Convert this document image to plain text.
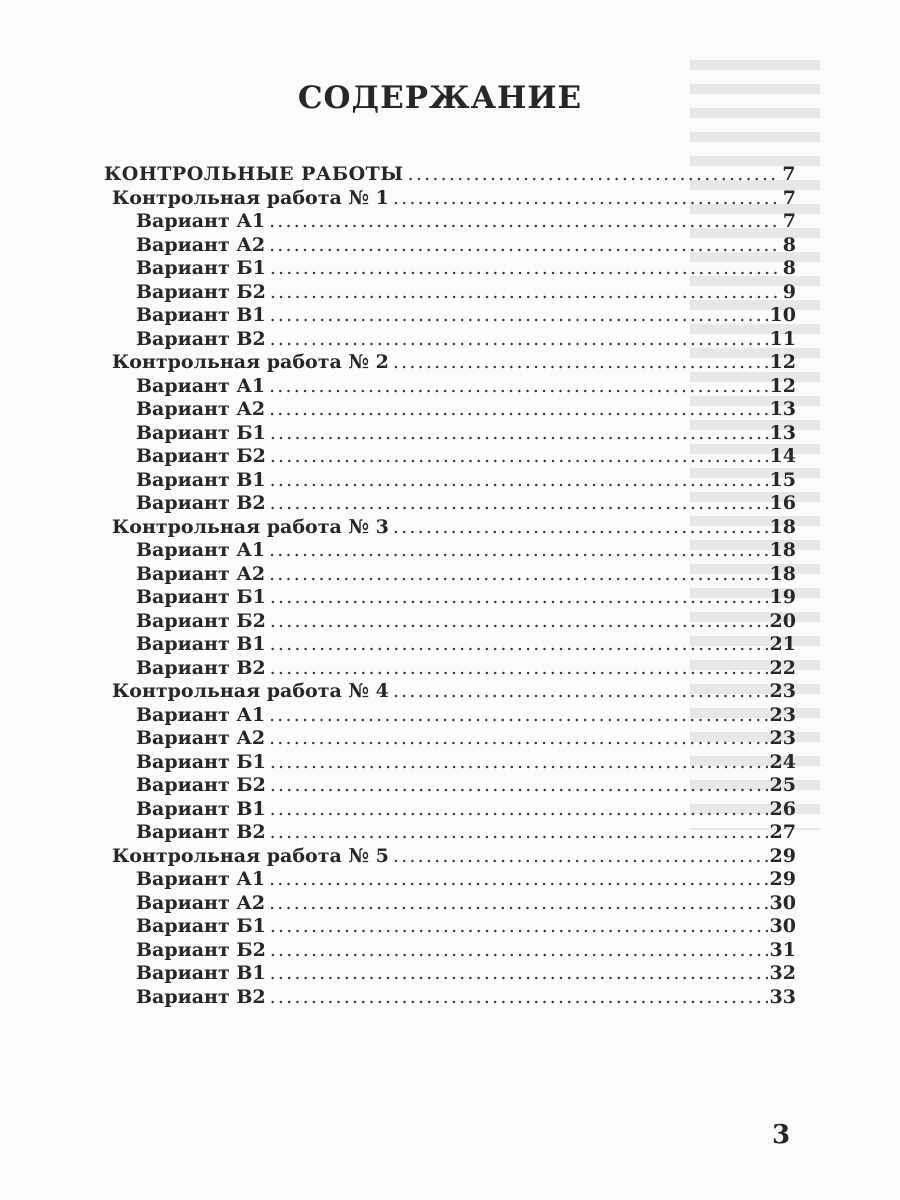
СОДЕРЖАНИЕ
КОНТРОЛЬНЫЕ РАБОТЫ .....	7
Контрольная работа № 1 .....	7
Вариант А1 .....	7
Вариант А2 .....	8
Вариант Б1 .....	8
Вариант Б2 .....	9
Вариант В1 .....	10
Вариант В2 .....	11
Контрольная работа № 2 .....	12
Вариант А1 .....	12
Вариант А2 .....	13
Вариант Б1 .....	13
Вариант Б2 .....	14
Вариант В1 .....	15
Вариант В2 .....	16
Контрольная работа № 3 .....	18
Вариант А1 .....	18
Вариант А2 .....	18
Вариант Б1 .....	19
Вариант Б2 .....	20
Вариант В1 .....	21
Вариант В2 .....	22
Контрольная работа № 4 .....	23
Вариант А1 .....	23
Вариант А2 .....	23
Вариант Б1 .....	24
Вариант Б2 .....	25
Вариант В1 .....	26
Вариант В2 .....	27
Контрольная работа № 5 .....	29
Вариант А1 .....	29
Вариант А2 .....	30
Вариант Б1 .....	30
Вариант Б2 .....	31
Вариант В1 .....	32
Вариант В2 .....	33
3
